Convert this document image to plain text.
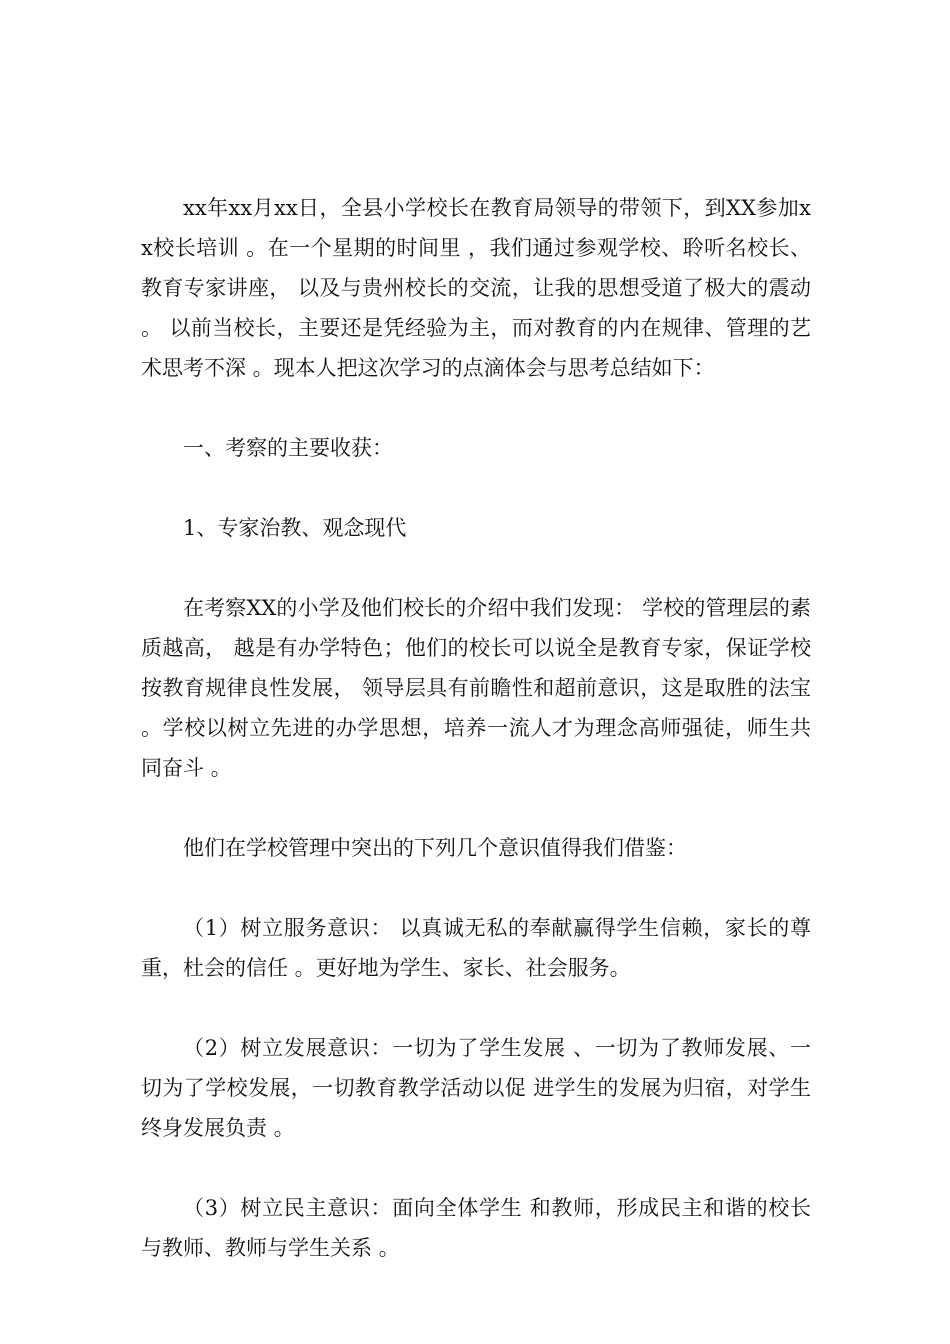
xx年xx月xx日，全县小学校长在教育局领导的带领下，到XX参加xx校长培训 。在一个星期的时间里 ，我们通过参观学校、聆听名校长、教育专家讲座， 以及与贵州校长的交流，让我的思想受道了极大的震动 。 以前当校长，主要还是凭经验为主，而对教育的内在规律、管理的艺术思考不深 。现本人把这次学习的点滴体会与思考总结如下：

一、考察的主要收获：

1、专家治教、观念现代

在考察XX的小学及他们校长的介绍中我们发现： 学校的管理层的素质越高， 越是有办学特色；他们的校长可以说全是教育专家，保证学校按教育规律良性发展， 领导层具有前瞻性和超前意识，这是取胜的法宝 。学校以树立先进的办学思想，培养一流人才为理念高师强徒，师生共同奋斗 。

他们在学校管理中突出的下列几个意识值得我们借鉴：

（1）树立服务意识： 以真诚无私的奉献赢得学生信赖，家长的尊重，杜会的信任 。更好地为学生、家长、社会服务。

（2）树立发展意识：一切为了学生发展 、一切为了教师发展、一切为了学校发展，一切教育教学活动以促 进学生的发展为归宿，对学生终身发展负责 。

（3）树立民主意识：面向全体学生 和教师，形成民主和谐的校长与教师、教师与学生关系 。
